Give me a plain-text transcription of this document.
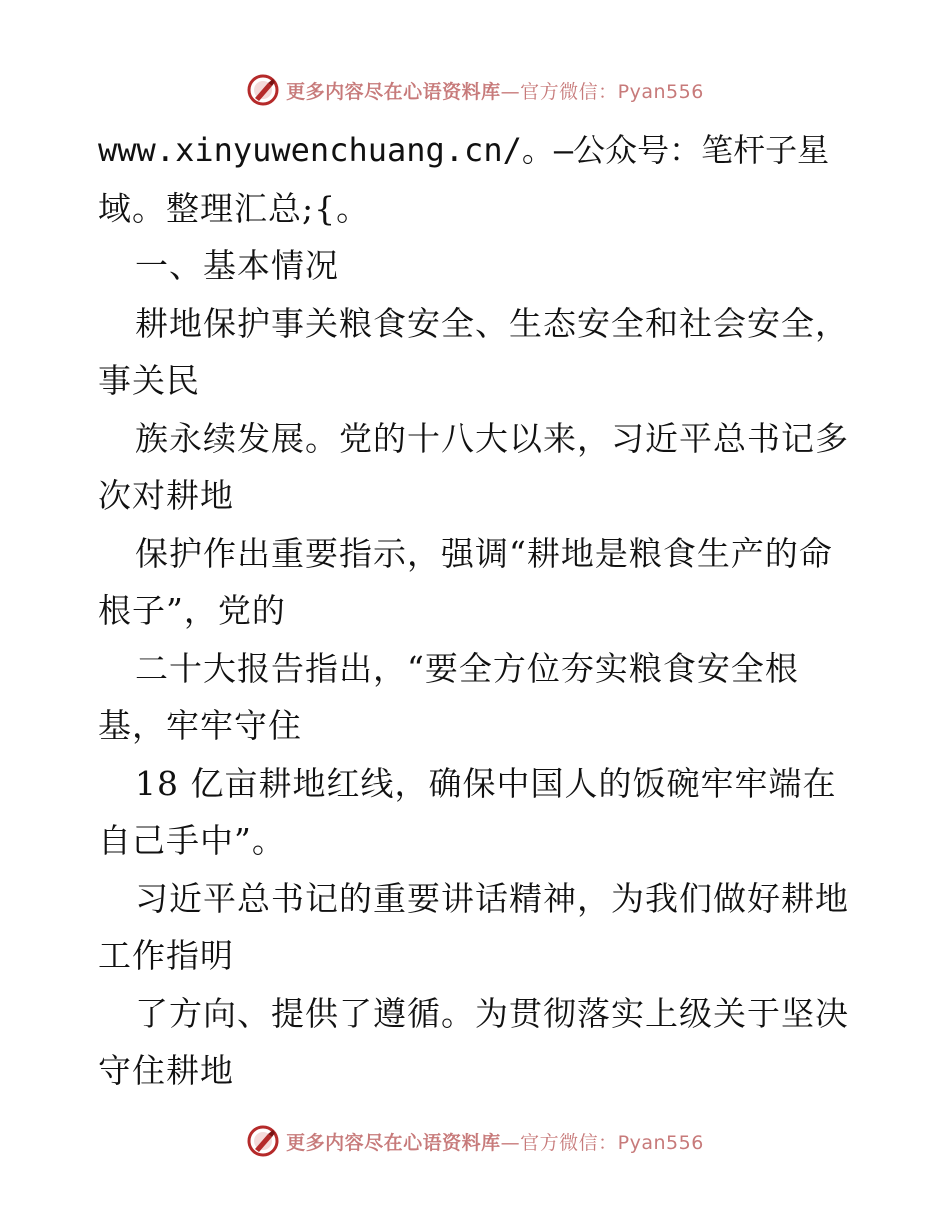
更多内容尽在心语资料库—官方微信：Pyan556
www.xinyuwenchuang.cn/。—公众号：笔杆子星
域。整理汇总;{。
一、基本情况
耕地保护事关粮食安全、生态安全和社会安全，
事关民
族永续发展。党的十八大以来，习近平总书记多
次对耕地
保护作出重要指示，强调“耕地是粮食生产的命
根子”，党的
二十大报告指出，“要全方位夯实粮食安全根
基，牢牢守住
18 亿亩耕地红线，确保中国人的饭碗牢牢端在
自己手中”。
习近平总书记的重要讲话精神，为我们做好耕地
工作指明
了方向、提供了遵循。为贯彻落实上级关于坚决
守住耕地
更多内容尽在心语资料库—官方微信：Pyan556
